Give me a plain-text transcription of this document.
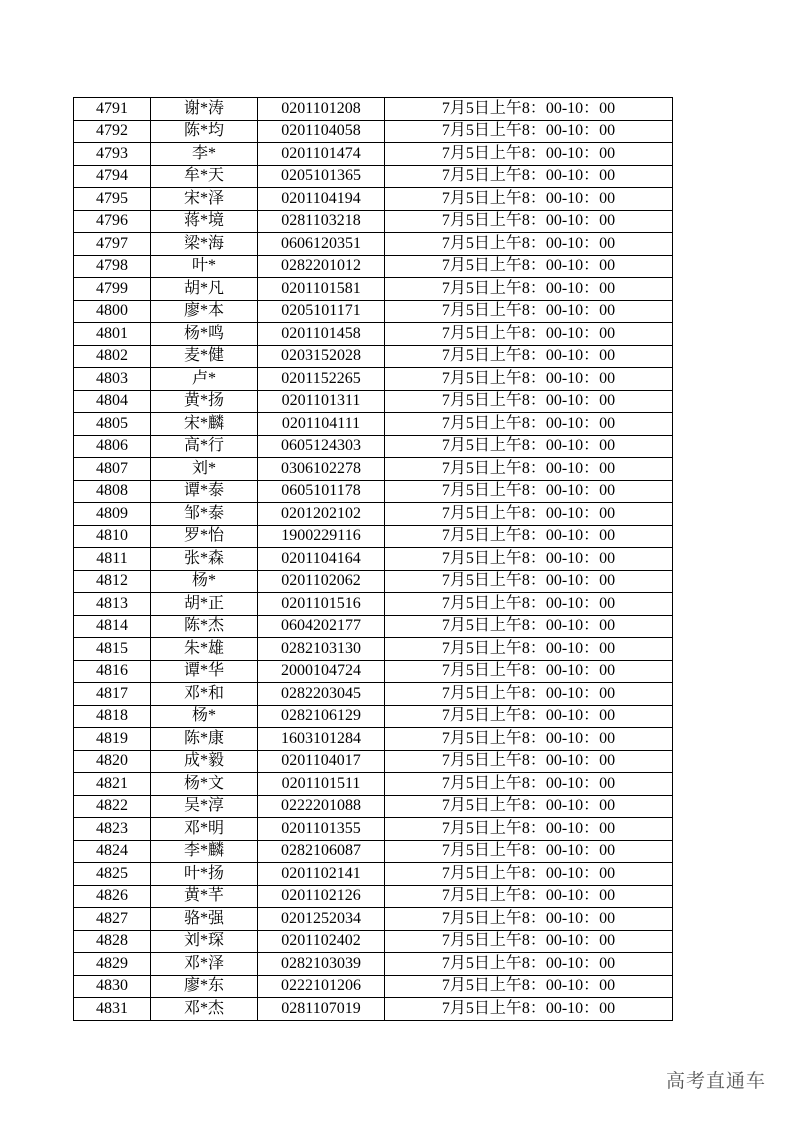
4791	谢*涛	0201101208	7月5日上午8：00-10：00
4792	陈*均	0201104058	7月5日上午8：00-10：00
4793	李*	0201101474	7月5日上午8：00-10：00
4794	牟*天	0205101365	7月5日上午8：00-10：00
4795	宋*泽	0201104194	7月5日上午8：00-10：00
4796	蒋*境	0281103218	7月5日上午8：00-10：00
4797	梁*海	0606120351	7月5日上午8：00-10：00
4798	叶*	0282201012	7月5日上午8：00-10：00
4799	胡*凡	0201101581	7月5日上午8：00-10：00
4800	廖*本	0205101171	7月5日上午8：00-10：00
4801	杨*鸣	0201101458	7月5日上午8：00-10：00
4802	麦*健	0203152028	7月5日上午8：00-10：00
4803	卢*	0201152265	7月5日上午8：00-10：00
4804	黄*扬	0201101311	7月5日上午8：00-10：00
4805	宋*麟	0201104111	7月5日上午8：00-10：00
4806	高*行	0605124303	7月5日上午8：00-10：00
4807	刘*	0306102278	7月5日上午8：00-10：00
4808	谭*泰	0605101178	7月5日上午8：00-10：00
4809	邹*泰	0201202102	7月5日上午8：00-10：00
4810	罗*怡	1900229116	7月5日上午8：00-10：00
4811	张*森	0201104164	7月5日上午8：00-10：00
4812	杨*	0201102062	7月5日上午8：00-10：00
4813	胡*正	0201101516	7月5日上午8：00-10：00
4814	陈*杰	0604202177	7月5日上午8：00-10：00
4815	朱*雄	0282103130	7月5日上午8：00-10：00
4816	谭*华	2000104724	7月5日上午8：00-10：00
4817	邓*和	0282203045	7月5日上午8：00-10：00
4818	杨*	0282106129	7月5日上午8：00-10：00
4819	陈*康	1603101284	7月5日上午8：00-10：00
4820	成*毅	0201104017	7月5日上午8：00-10：00
4821	杨*文	0201101511	7月5日上午8：00-10：00
4822	吴*淳	0222201088	7月5日上午8：00-10：00
4823	邓*明	0201101355	7月5日上午8：00-10：00
4824	李*麟	0282106087	7月5日上午8：00-10：00
4825	叶*扬	0201102141	7月5日上午8：00-10：00
4826	黄*芊	0201102126	7月5日上午8：00-10：00
4827	骆*强	0201252034	7月5日上午8：00-10：00
4828	刘*琛	0201102402	7月5日上午8：00-10：00
4829	邓*泽	0282103039	7月5日上午8：00-10：00
4830	廖*东	0222101206	7月5日上午8：00-10：00
4831	邓*杰	0281107019	7月5日上午8：00-10：00
高考直通车
